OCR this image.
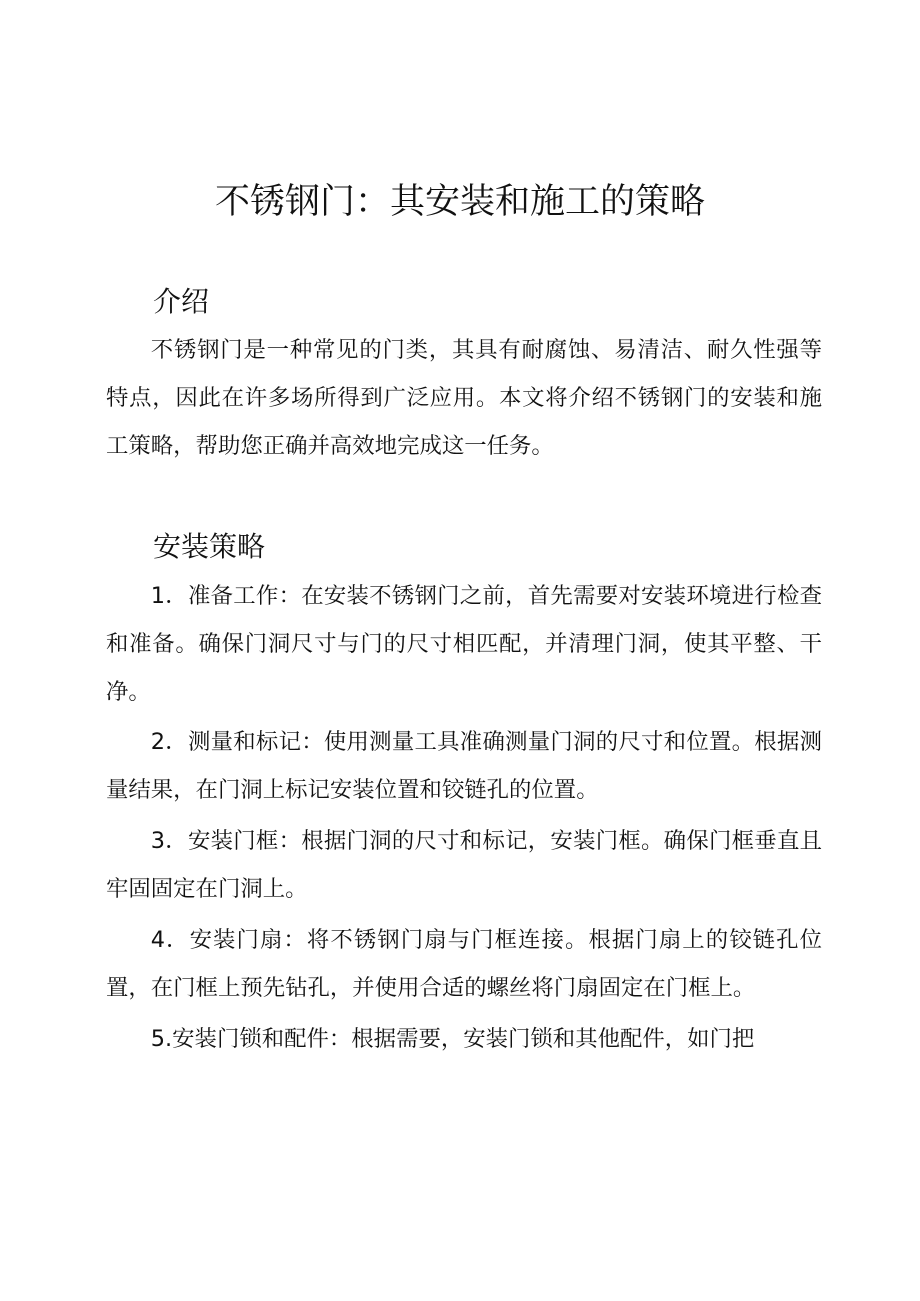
不锈钢门：其安装和施工的策略
介绍

不锈钢门是一种常见的门类，其具有耐腐蚀、易清洁、耐久性强等特点，因此在许多场所得到广泛应用。本文将介绍不锈钢门的安装和施工策略，帮助您正确并高效地完成这一任务。

安装策略

1．准备工作：在安装不锈钢门之前，首先需要对安装环境进行检查和准备。确保门洞尺寸与门的尺寸相匹配，并清理门洞，使其平整、干净。

2．测量和标记：使用测量工具准确测量门洞的尺寸和位置。根据测量结果，在门洞上标记安装位置和铰链孔的位置。

3．安装门框：根据门洞的尺寸和标记，安装门框。确保门框垂直且牢固固定在门洞上。

4．安装门扇：将不锈钢门扇与门框连接。根据门扇上的铰链孔位置，在门框上预先钻孔，并使用合适的螺丝将门扇固定在门框上。

5.安装门锁和配件：根据需要，安装门锁和其他配件，如门把
